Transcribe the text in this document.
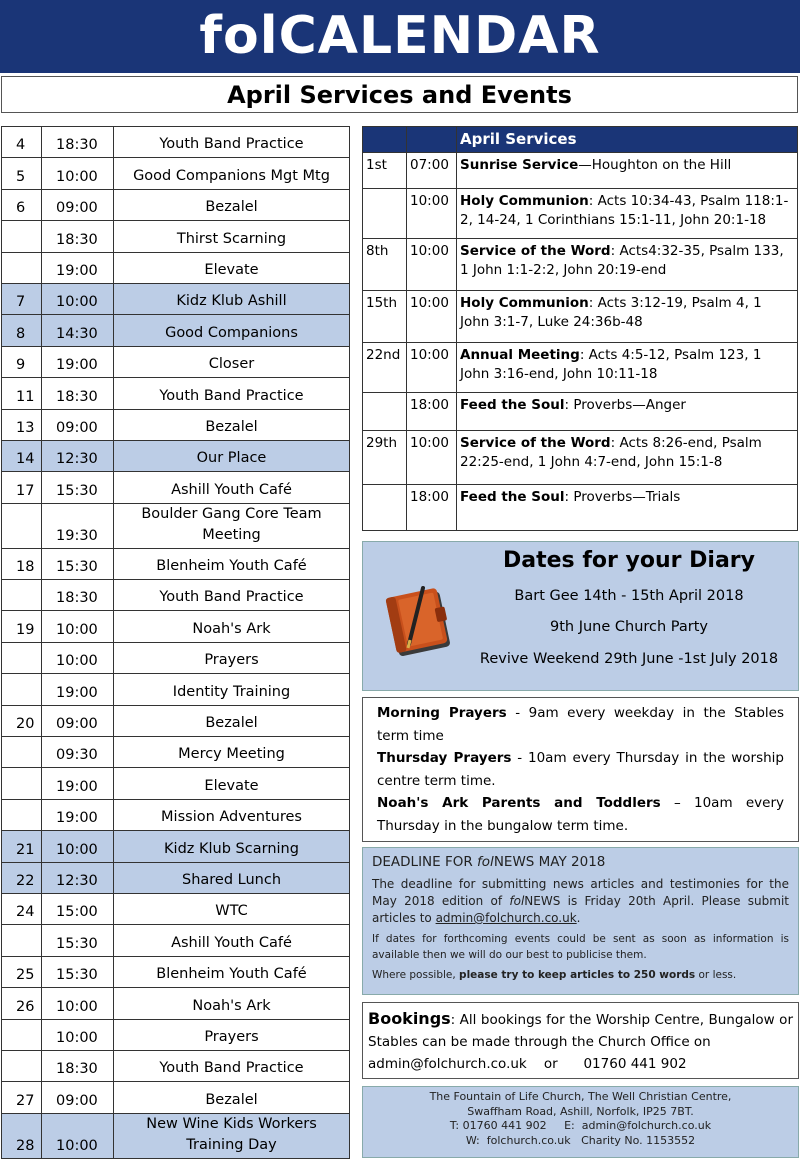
folCALENDAR
April Services and Events
4	18:30	Youth Band Practice
5	10:00	Good Companions Mgt Mtg
6	09:00	Bezalel
	18:30	Thirst Scarning
	19:00	Elevate
7	10:00	Kidz Klub Ashill
8	14:30	Good Companions
9	19:00	Closer
11	18:30	Youth Band Practice
13	09:00	Bezalel
14	12:30	Our Place
17	15:30	Ashill Youth Café
	19:30	Boulder Gang Core Team Meeting
18	15:30	Blenheim Youth Café
	18:30	Youth Band Practice
19	10:00	Noah's Ark
	10:00	Prayers
	19:00	Identity Training
20	09:00	Bezalel
	09:30	Mercy Meeting
	19:00	Elevate
	19:00	Mission Adventures
21	10:00	Kidz Klub Scarning
22	12:30	Shared Lunch
24	15:00	WTC
	15:30	Ashill Youth Café
25	15:30	Blenheim Youth Café
26	10:00	Noah's Ark
	10:00	Prayers
	18:30	Youth Band Practice
27	09:00	Bezalel
28	10:00	New Wine Kids Workers Training Day
		April Services
1st	07:00	Sunrise Service—Houghton on the Hill
	10:00	Holy Communion: Acts 10:34-43, Psalm 118:1-2, 14-24, 1 Corinthians 15:1-11, John 20:1-18
8th	10:00	Service of the Word: Acts4:32-35, Psalm 133, 1 John 1:1-2:2, John 20:19-end
15th	10:00	Holy Communion: Acts 3:12-19, Psalm 4, 1 John 3:1-7, Luke 24:36b-48
22nd	10:00	Annual Meeting: Acts 4:5-12, Psalm 123, 1 John 3:16-end, John 10:11-18
	18:00	Feed the Soul: Proverbs—Anger
29th	10:00	Service of the Word: Acts 8:26-end, Psalm 22:25-end, 1 John 4:7-end, John 15:1-8
	18:00	Feed the Soul: Proverbs—Trials
Dates for your Diary
Bart Gee 14th - 15th April 2018
9th June Church Party
Revive Weekend 29th June -1st July 2018

Morning Prayers - 9am every weekday in the Stables term time

Thursday Prayers - 10am every Thursday in the worship centre term time.

Noah's Ark Parents and Toddlers – 10am every Thursday in the bungalow term time.

DEADLINE FOR folNEWS MAY 2018
The deadline for submitting news articles and testimonies for the May 2018 edition of folNEWS is Friday 20th April. Please submit articles to admin@folchurch.co.uk.
If dates for forthcoming events could be sent as soon as information is available then we will do our best to publicise them.
Where possible, please try to keep articles to 250 words or less.
Bookings: All bookings for the Worship Centre, Bungalow or Stables can be made through the Church Office on
admin@folchurch.co.uk or 01760 441 902
The Fountain of Life Church, The Well Christian Centre,
Swaffham Road, Ashill, Norfolk, IP25 7BT.
T: 01760 441 902     E:  admin@folchurch.co.uk
W:  folchurch.co.uk   Charity No. 1153552
